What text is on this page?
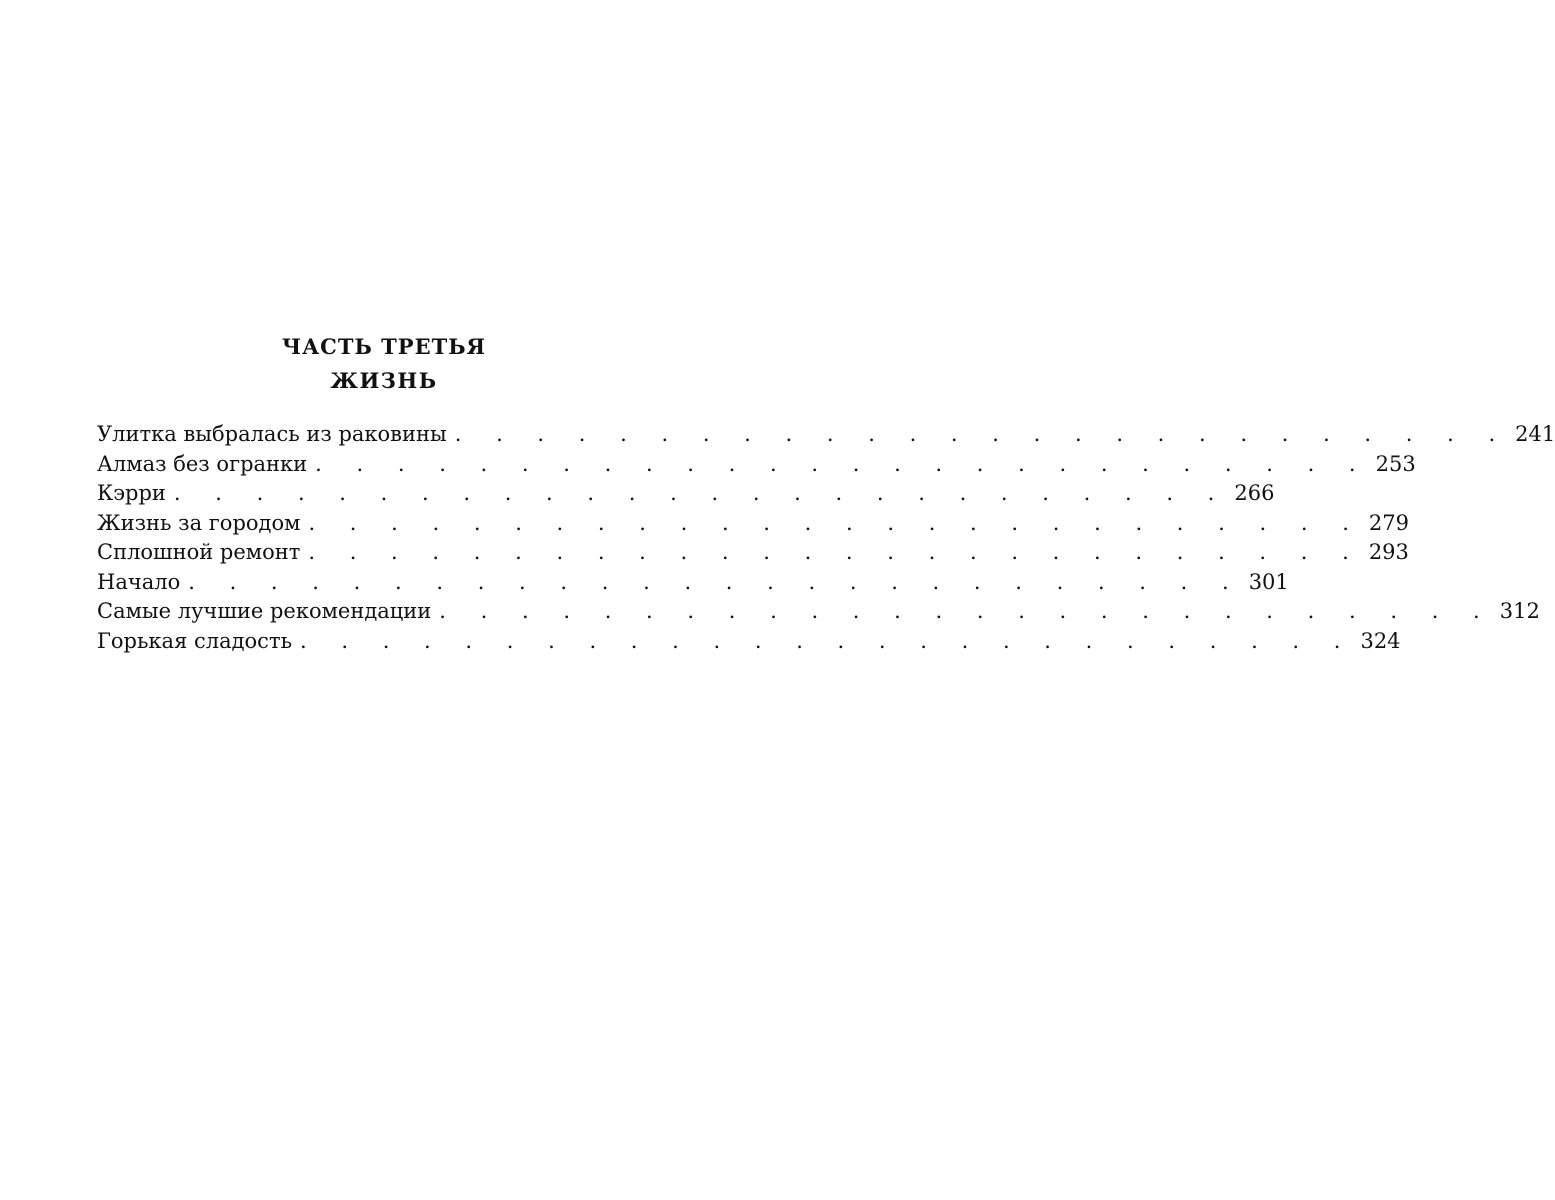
ЧАСТЬ ТРЕТЬЯ
ЖИЗНЬ
Улитка выбралась из раковины . . . . . . . . . . . . . . . . . . . . . . . . . . 241
Алмаз без огранки . . . . . . . . . . . . . . . . . . . . . . . . . . 253
Кэрри . . . . . . . . . . . . . . . . . . . . . . . . . . 266
Жизнь за городом . . . . . . . . . . . . . . . . . . . . . . . . . . 279
Сплошной ремонт . . . . . . . . . . . . . . . . . . . . . . . . . . 293
Начало . . . . . . . . . . . . . . . . . . . . . . . . . . 301
Самые лучшие рекомендации . . . . . . . . . . . . . . . . . . . . . . . . . . 312
Горькая сладость . . . . . . . . . . . . . . . . . . . . . . . . . . 324
